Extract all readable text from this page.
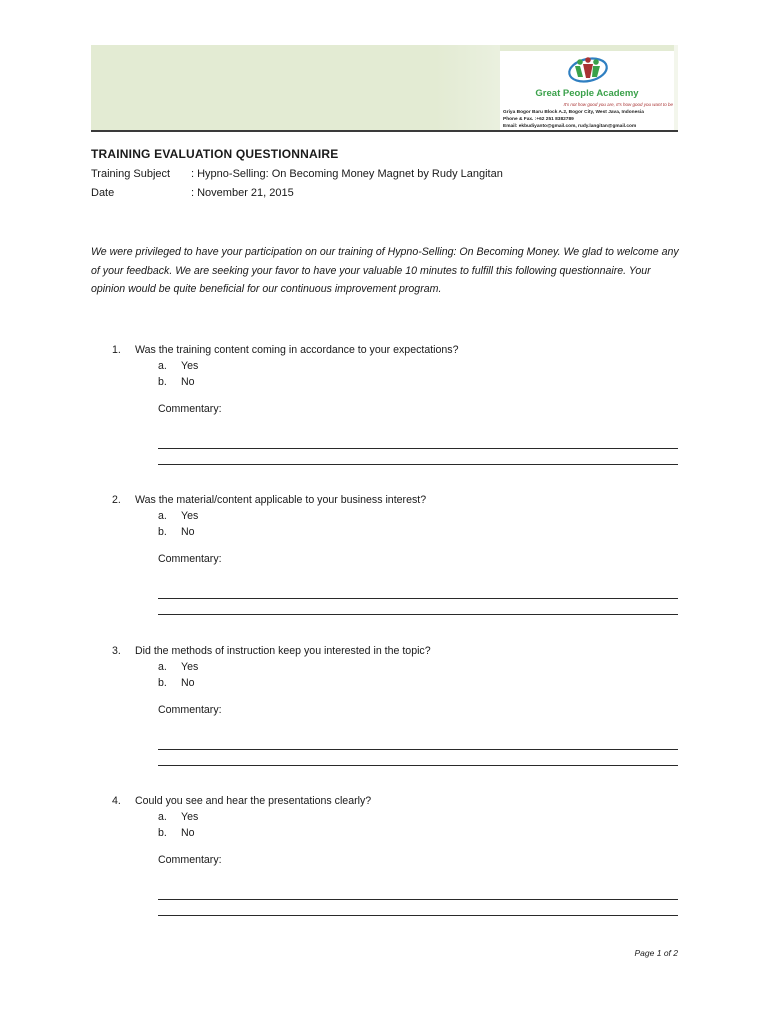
Great People Academy
It's not how good you are, It's how good you want to be
Griya Bogor Baru Block A.2, Bogor City, West Java, Indonesia
Phone & Fax. :+62 251 8382789
Email: ekbudiyanto@gmail.com, rudy.langitan@gmail.com
TRAINING EVALUATION QUESTIONNAIRE
Training Subject : Hypno-Selling: On Becoming Money Magnet by Rudy Langitan
Date	: November 21, 2015
We were privileged to have your participation on our training of Hypno-Selling: On Becoming Money. We glad to welcome any of your feedback. We are seeking your favor to have your valuable 10 minutes to fulfill this following questionnaire. Your opinion would be quite beneficial for our continuous improvement program.
1. Was the training content coming in accordance to your expectations?
a. Yes
b. No
Commentary:
2. Was the material/content applicable to your business interest?
a. Yes
b. No
Commentary:
3. Did the methods of instruction keep you interested in the topic?
a. Yes
b. No
Commentary:
4. Could you see and hear the presentations clearly?
a. Yes
b. No
Commentary:
Page 1 of 2
